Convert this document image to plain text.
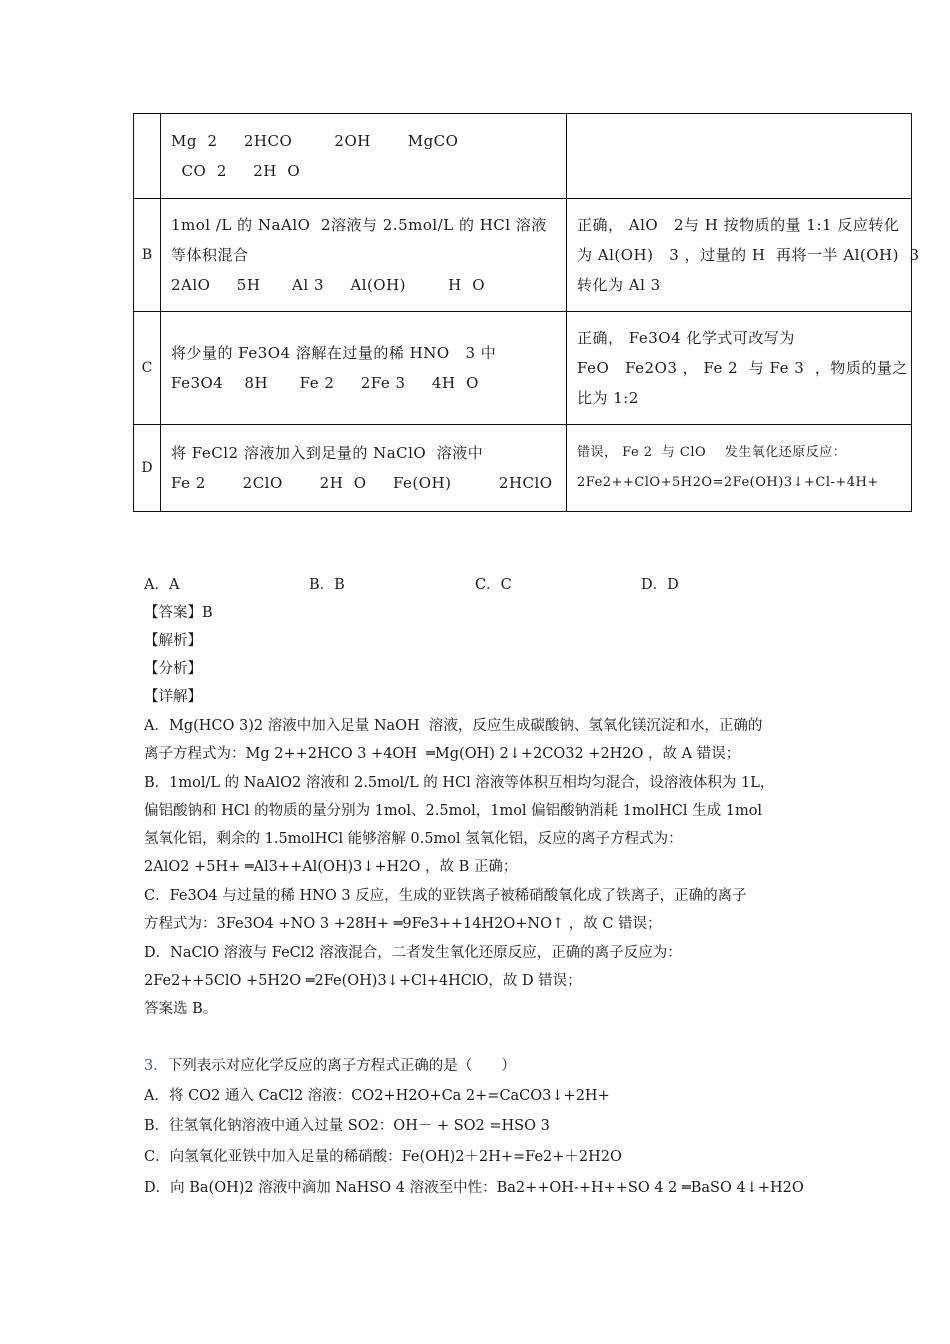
	Mg  2     2HCO        2OH       MgCO
CO  2     2H  O	

B	1mol /L 的 NaAlO  2溶液与 2.5mol/L 的 HCl 溶液
等体积混合
2AlO     5H      Al 3     Al(OH)        H  O	正确， AlO   2与 H 按物质的量 1:1 反应转化
为 Al(OH)   3 ，过量的 H  再将一半 Al(OH)  3
转化为 Al 3

C	将少量的 Fe3O4 溶解在过量的稀 HNO   3 中
Fe3O4    8H      Fe 2     2Fe 3     4H  O	正确， Fe3O4 化学式可改写为
FeO   Fe2O3 ， Fe 2  与 Fe 3  ，物质的量之
比为 1:2

D	将 FeCl2 溶液加入到足量的 NaClO  溶液中
Fe 2       2ClO       2H  O     Fe(OH)         2HClO	错误， Fe 2  与 ClO    发生氧化还原反应：
2Fe2++ClO+5H2O=2Fe(OH)3↓+Cl-+4H+

A．A

	B．B

	C．C

	D．D

【答案】B
【解析】
【分析】
【详解】
A．Mg(HCO 3)2 溶液中加入足量 NaOH  溶液，反应生成碳酸钠、氢氧化镁沉淀和水，正确的
离子方程式为：Mg 2++2HCO 3 +4OH  ═Mg(OH) 2↓+2CO32 +2H2O ，故 A 错误；
B．1mol/L 的 NaAlO2 溶液和 2.5mol/L 的 HCl 溶液等体积互相均匀混合，设溶液体积为 1L，
偏铝酸钠和 HCl 的物质的量分别为 1mol、2.5mol，1mol 偏铝酸钠消耗 1molHCl 生成 1mol
氢氧化铝，剩余的 1.5molHCl 能够溶解 0.5mol 氢氧化铝，反应的离子方程式为：
2AlO2 +5H+ ═Al3++Al(OH)3↓+H2O ，故 B 正确；
C．Fe3O4 与过量的稀 HNO 3 反应，生成的亚铁离子被稀硝酸氧化成了铁离子，正确的离子
方程式为：3Fe3O4 +NO 3 +28H+ ═9Fe3++14H2O+NO↑ ，故 C 错误；
D．NaClO 溶液与 FeCl2 溶液混合，二者发生氧化还原反应，正确的离子反应为：
2Fe2++5ClO +5H2O ═2Fe(OH)3↓+Cl+4HClO，故 D 错误；
答案选 B。
3．下列表示对应化学反应的离子方程式正确的是（　　）
A．将 CO2 通入 CaCl2 溶液：CO2+H2O+Ca 2+=CaCO3↓+2H+
B．往氢氧化钠溶液中通入过量 SO2：OH－ + SO2 =HSO 3
C．向氢氧化亚铁中加入足量的稀硝酸：Fe(OH)2＋2H+=Fe2+＋2H2O
D．向 Ba(OH)2 溶液中滴加 NaHSO 4 溶液至中性：Ba2++OH-+H++SO 4 2 ═BaSO 4↓+H2O
